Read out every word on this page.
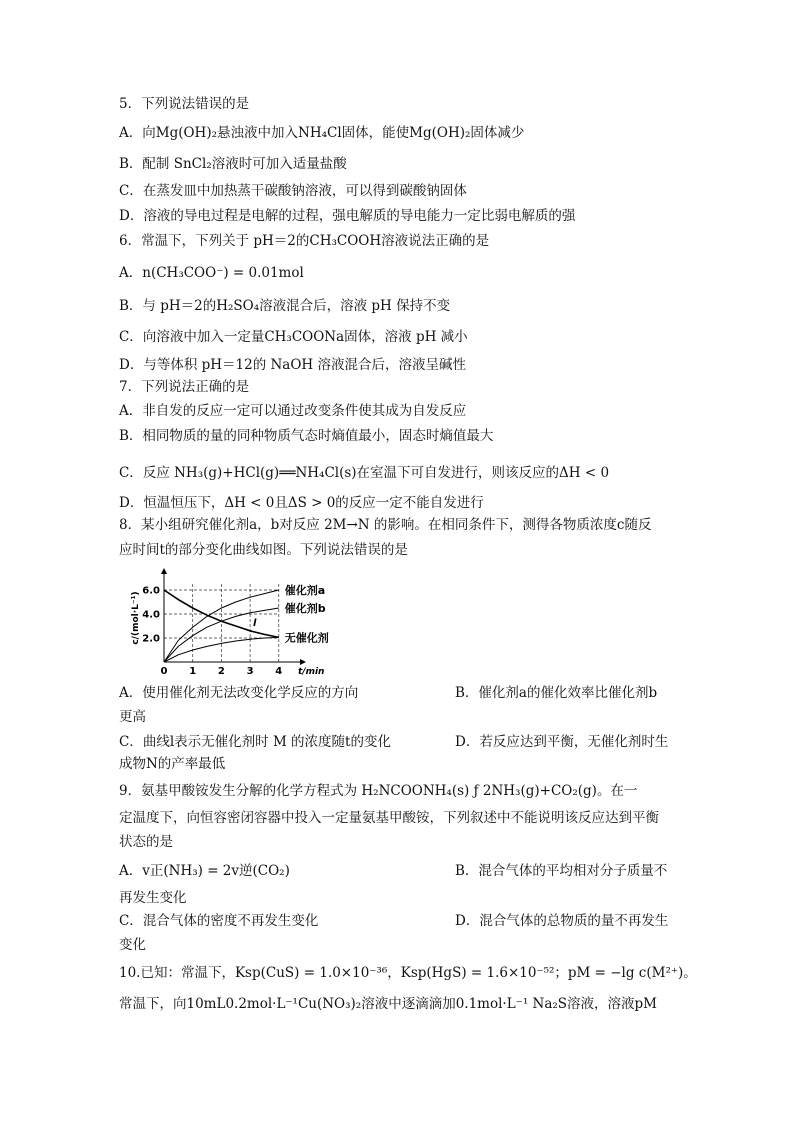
5．下列说法错误的是
A．向Mg(OH)₂悬浊液中加入NH₄Cl固体，能使Mg(OH)₂固体减少
B．配制 SnCl₂溶液时可加入适量盐酸
C．在蒸发皿中加热蒸干碳酸钠溶液，可以得到碳酸钠固体
D．溶液的导电过程是电解的过程，强电解质的导电能力一定比弱电解质的强
6．常温下，下列关于 pH＝2的CH₃COOH溶液说法正确的是
A．n(CH₃COO⁻) = 0.01mol
B．与 pH＝2的H₂SO₄溶液混合后，溶液 pH 保持不变
C．向溶液中加入一定量CH₃COONa固体，溶液 pH 减小
D．与等体积 pH＝12的 NaOH 溶液混合后，溶液呈碱性
7．下列说法正确的是
A．非自发的反应一定可以通过改变条件使其成为自发反应
B．相同物质的量的同种物质气态时熵值最小，固态时熵值最大
C．反应 NH₃(g)+HCl(g)══NH₄Cl(s)在室温下可自发进行，则该反应的ΔH < 0
D．恒温恒压下，ΔH < 0且ΔS > 0的反应一定不能自发进行
8．某小组研究催化剂a，b对反应 2M→N 的影响。在相同条件下，测得各物质浓度c随反
应时间t的部分变化曲线如图。下列说法错误的是
0 1 2 3 4
2.0
4.0
6.0
t/min
c/(mol·L⁻¹)
催化剂a
催化剂b
无催化剂
l
A．使用催化剂无法改变化学反应的方向	B．催化剂a的催化效率比催化剂b
更高
C．曲线l表示无催化剂时 M 的浓度随t的变化	D．若反应达到平衡，无催化剂时生
成物N的产率最低
9．氨基甲酸铵发生分解的化学方程式为 H₂NCOONH₄(s) ƒ 2NH₃(g)+CO₂(g)。在一
定温度下，向恒容密闭容器中投入一定量氨基甲酸铵，下列叙述中不能说明该反应达到平衡
状态的是
A．v正(NH₃) = 2v逆(CO₂)	B．混合气体的平均相对分子质量不
再发生变化
C．混合气体的密度不再发生变化	D．混合气体的总物质的量不再发生
变化
10.已知：常温下，Ksp(CuS) = 1.0×10⁻³⁶，Ksp(HgS) = 1.6×10⁻⁵²；pM = −lg c(M²⁺)。
常温下，向10mL0.2mol·L⁻¹Cu(NO₃)₂溶液中逐滴滴加0.1mol·L⁻¹ Na₂S溶液，溶液pM
